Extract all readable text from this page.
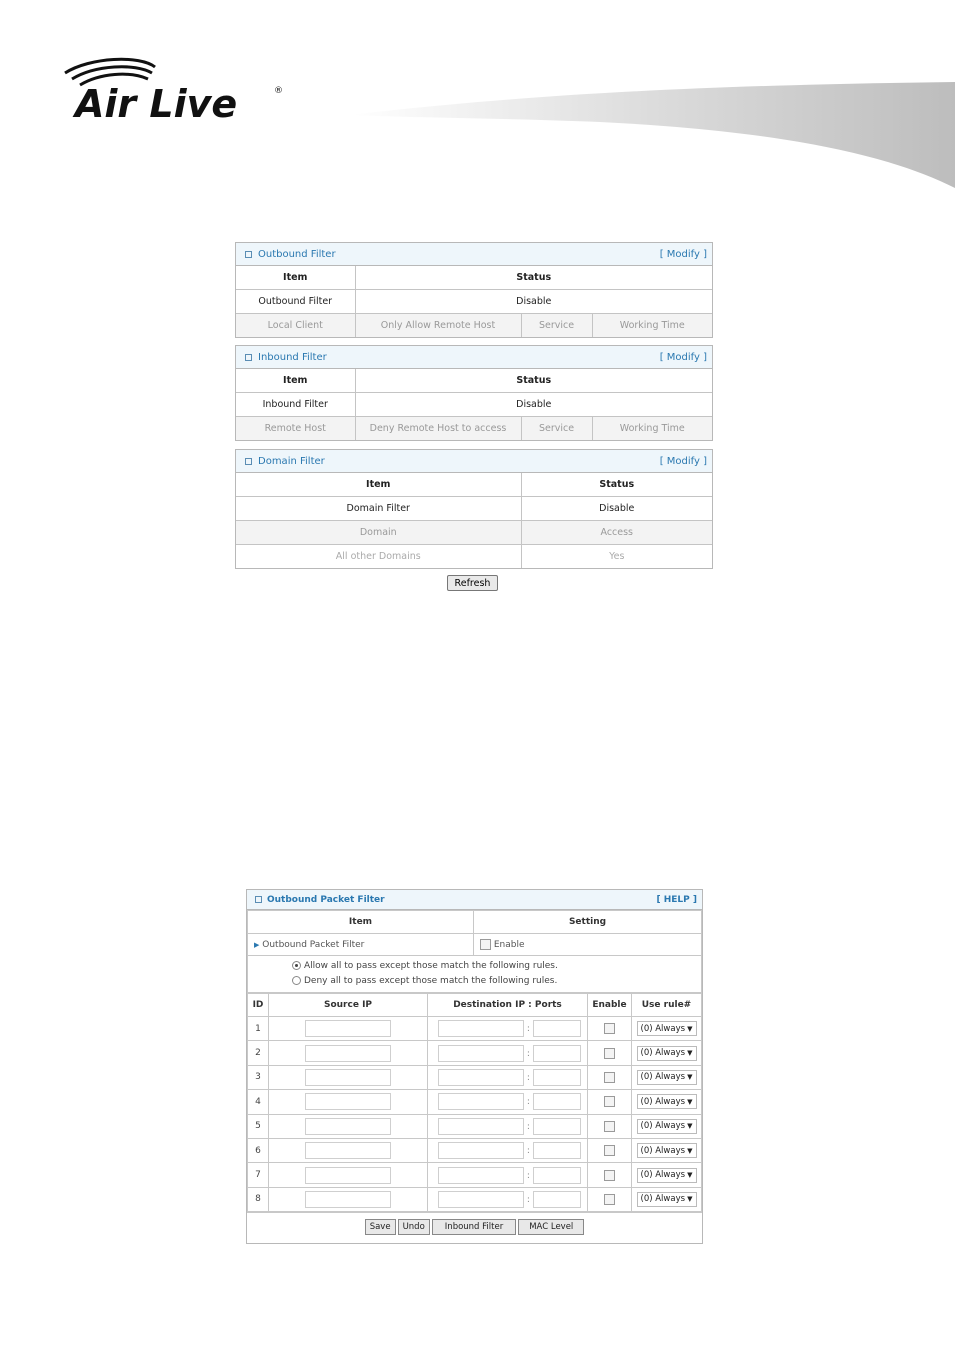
Air Live	®
Outbound Filter	[ Modify ]
Item	Status		
Outbound Filter	Disable		
Local Client	Only Allow Remote Host	Service	Working Time
Inbound Filter	[ Modify ]
Item	Status		
Inbound Filter	Disable		
Remote Host	Deny Remote Host to access	Service	Working Time
Domain Filter	[ Modify ]
Item	Status
Domain Filter	Disable
Domain	Access
All other Domains	Yes
Refresh
Outbound Packet Filter	[ HELP ]
Item	Setting
▶ Outbound Packet Filter	Enable

Allow all to pass except those match the following rules.
Deny all to pass except those match the following rules.	
ID	Source IP	Destination IP : Ports	Enable	Use rule#
1		:		(0) Always ▼

2		:		(0) Always ▼

3		:		(0) Always ▼

4		:		(0) Always ▼

5		:		(0) Always ▼

6		:		(0) Always ▼

7		:		(0) Always ▼

8		:		(0) Always ▼
Save	Undo	Inbound Filter	MAC Level
